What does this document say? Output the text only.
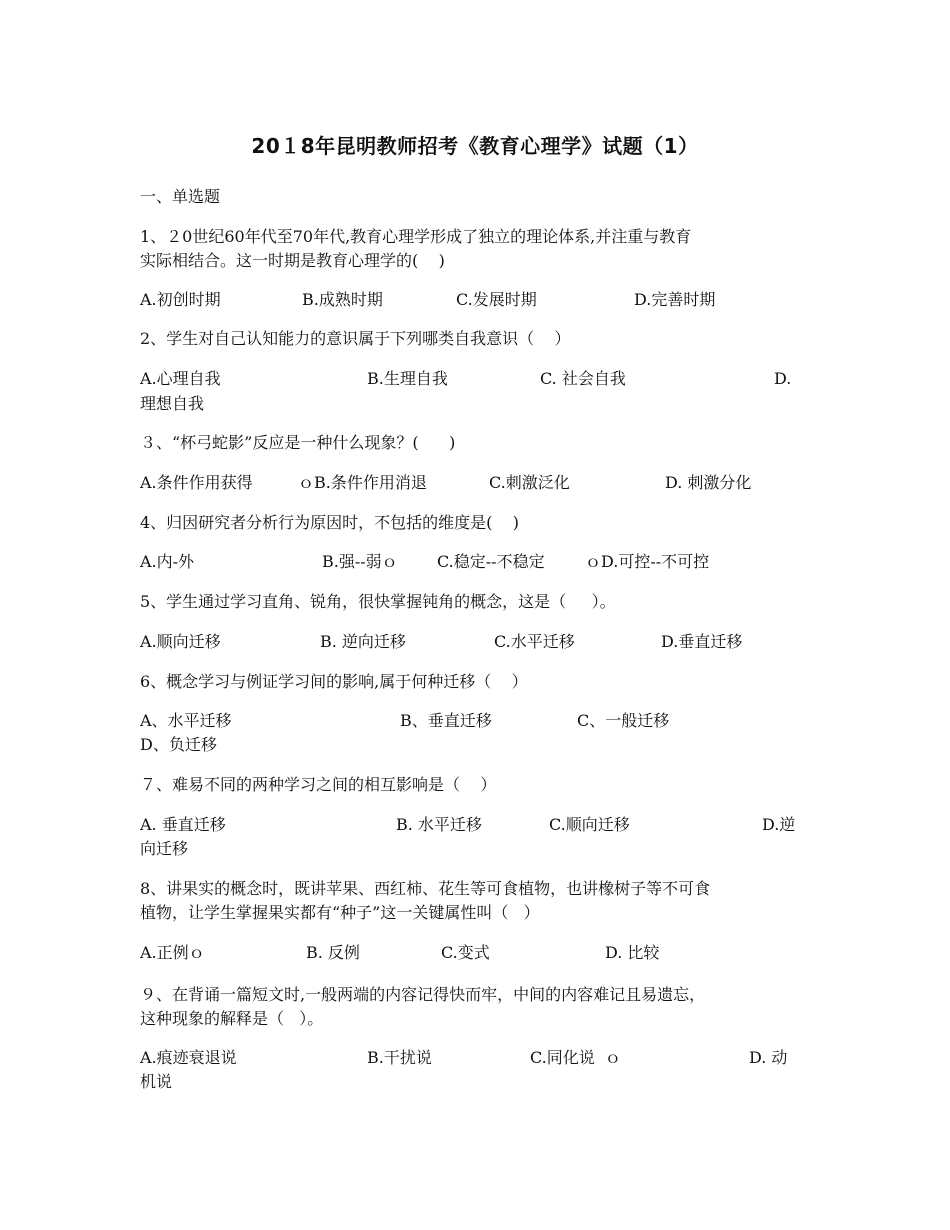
20１8年昆明教师招考《教育心理学》试题（1）
一、单选题
1、２0世纪60年代至70年代,教育心理学形成了独立的理论体系,并注重与教育
实际相结合。这一时期是教育心理学的(    )
A.初创时期	B.成熟时期	C.发展时期	D.完善时期
2、学生对自己认知能力的意识属于下列哪类自我意识（    ）
A.心理自我	B.生理自我	C. 社会自我	D.
理想自我
３、“杯弓蛇影”反应是一种什么现象？(      )
A.条件作用获得	ｏB.条件作用消退	C.刺激泛化	D. 刺激分化
4、归因研究者分析行为原因时，不包括的维度是(    )
A.内-外	B.强--弱ｏ C.稳定--不稳定	ｏD.可控--不可控
5、学生通过学习直角、锐角，很快掌握钝角的概念，这是（     ）。
A.顺向迁移	B. 逆向迁移	C.水平迁移	D.垂直迁移
6、概念学习与例证学习间的影响,属于何种迁移（    ）
A、水平迁移	B、垂直迁移	C、一般迁移
D、负迁移
７、难易不同的两种学习之间的相互影响是（    ）
A. 垂直迁移	B. 水平迁移	C.顺向迁移	D.逆
向迁移
8、讲果实的概念时，既讲苹果、西红柿、花生等可食植物，也讲橡树子等不可食
植物，让学生掌握果实都有“种子”这一关键属性叫（   ）
A.正例ｏ	B. 反例	C.变式	D. 比较
９、在背诵一篇短文时,一般两端的内容记得快而牢，中间的内容难记且易遗忘，
这种现象的解释是（   ）。
A.痕迹衰退说	B.干扰说	C.同化说  ｏ	D. 动
机说
